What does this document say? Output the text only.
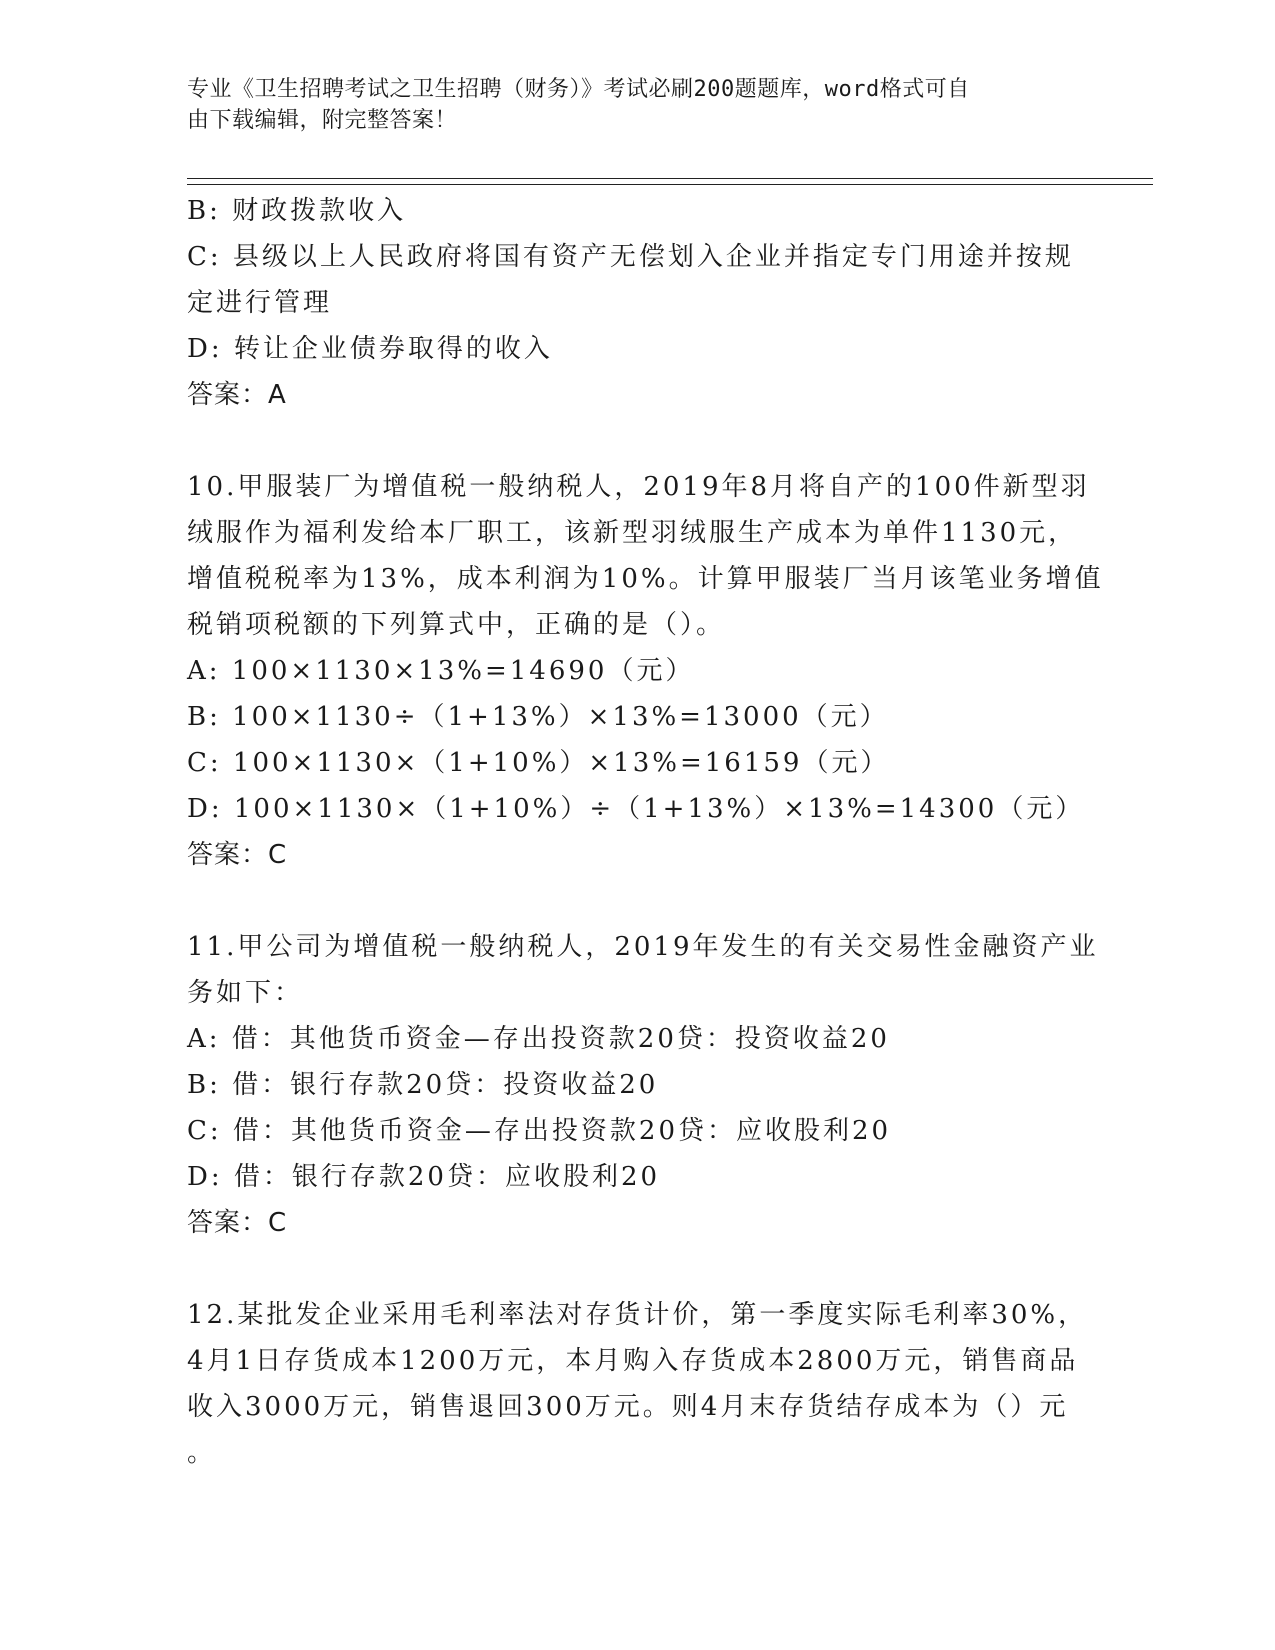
专业《卫生招聘考试之卫生招聘（财务）》考试必刷200题题库，word格式可自
由下载编辑，附完整答案！
B: 财政拨款收入
C: 县级以上人民政府将国有资产无偿划入企业并指定专门用途并按规
定进行管理
D: 转让企业债券取得的收入
答案：A
10.甲服装厂为增值税一般纳税人，2019年8月将自产的100件新型羽
绒服作为福利发给本厂职工，该新型羽绒服生产成本为单件1130元，
增值税税率为13%，成本利润为10%。计算甲服装厂当月该笔业务增值
税销项税额的下列算式中，正确的是（）。
A: 100×1130×13%=14690（元）
B: 100×1130÷（1+13%）×13%=13000（元）
C: 100×1130×（1+10%）×13%=16159（元）
D: 100×1130×（1+10%）÷（1+13%）×13%=14300（元）
答案：C
11.甲公司为增值税一般纳税人，2019年发生的有关交易性金融资产业
务如下：
A: 借：其他货币资金—存出投资款20贷：投资收益20
B: 借：银行存款20贷：投资收益20
C: 借：其他货币资金—存出投资款20贷：应收股利20
D: 借：银行存款20贷：应收股利20
答案：C
12.某批发企业采用毛利率法对存货计价，第一季度实际毛利率30%，
4月1日存货成本1200万元，本月购入存货成本2800万元，销售商品
收入3000万元，销售退回300万元。则4月末存货结存成本为（）元
。
